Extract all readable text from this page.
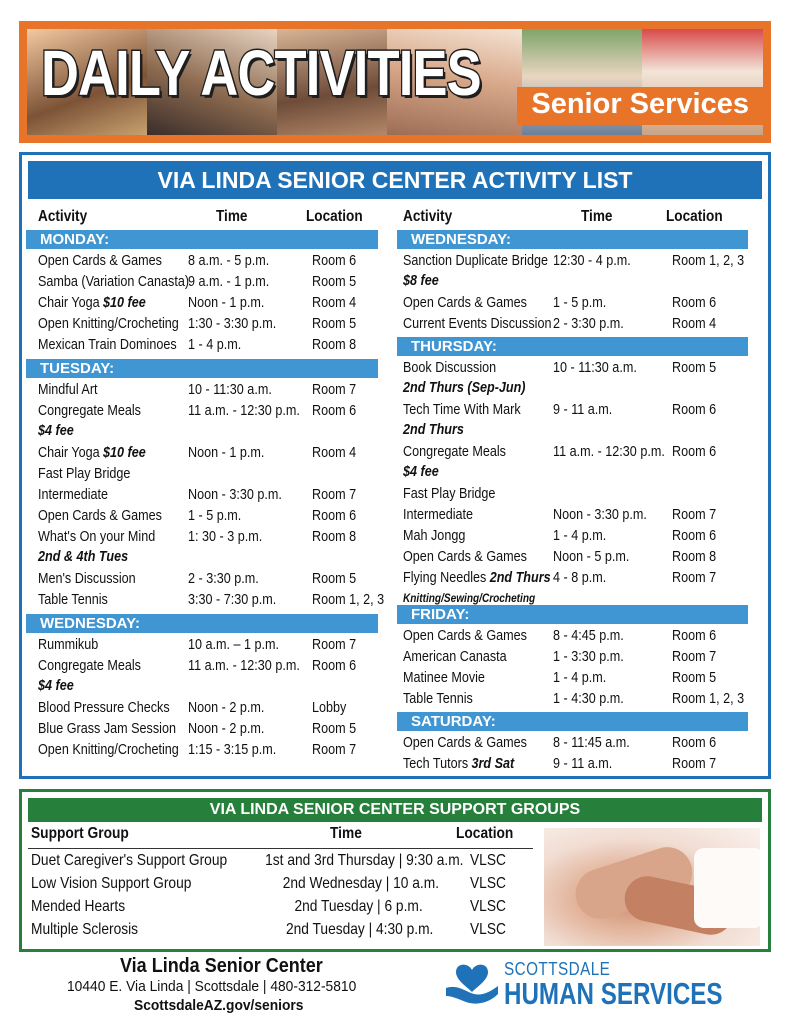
DAILY ACTIVITIES	Senior Services
VIA LINDA SENIOR CENTER ACTIVITY LIST
Activity	Time	Location	Activity	Time	Location
MONDAY:
Open Cards & Games 8 a.m. - 5 p.m.	Room 6
Samba (Variation Canasta)
9 a.m. - 1 p.m.	Room 5
Chair Yoga $10 fee	Noon - 1 p.m.	Room 4
Open Knitting/Crocheting 1:30 - 3:30 p.m. Room 5
Mexican Train Dominoes 1 - 4 p.m.	Room 8
TUESDAY:
Mindful Art	10 - 11:30 a.m.	Room 7
Congregate Meals	11 a.m. - 12:30 p.m. Room 6
$4 fee
Chair Yoga $10 fee	Noon - 1 p.m.	Room 4
Fast Play Bridge
Intermediate	Noon - 3:30 p.m. Room 7
Open Cards & Games 1 - 5 p.m.	Room 6
What's On your Mind 1: 30 - 3 p.m.	Room 8
2nd & 4th Tues
Men's Discussion	2 - 3:30 p.m.	Room 5
Table Tennis	3:30 - 7:30 p.m. Room 1, 2, 3
WEDNESDAY:
Rummikub	10 a.m. – 1 p.m. Room 7
Congregate Meals	11 a.m. - 12:30 p.m. Room 6
$4 fee
Blood Pressure Checks Noon - 2 p.m.	Lobby
Blue Grass Jam Session Noon - 2 p.m.	Room 5
Open Knitting/Crocheting 1:15 - 3:15 p.m. Room 7
WEDNESDAY:
Sanction Duplicate Bridge 12:30 - 4 p.m.	Room 1, 2, 3
$8 fee
Open Cards & Games 1 - 5 p.m.	Room 6
Current Events Discussion 2 - 3:30 p.m.	Room 4
THURSDAY:
Book Discussion	10 - 11:30 a.m. Room 5
2nd Thurs (Sep-Jun)
Tech Time With Mark 9 - 11 a.m.	Room 6
2nd Thurs
Congregate Meals	11 a.m. - 12:30 p.m. Room 6
$4 fee
Fast Play Bridge
Intermediate	Noon - 3:30 p.m. Room 7
Mah Jongg	1 - 4 p.m.	Room 6
Open Cards & Games Noon - 5 p.m.	Room 8
Flying Needles 2nd Thurs 4 - 8 p.m.	Room 7
Knitting/Sewing/Crocheting
FRIDAY:
Open Cards & Games 8 - 4:45 p.m.	Room 6
American Canasta	1 - 3:30 p.m.	Room 7
Matinee Movie	1 - 4 p.m.	Room 5
Table Tennis	1 - 4:30 p.m.	Room 1, 2, 3
SATURDAY:
Open Cards & Games 8 - 11:45 a.m.	Room 6
Tech Tutors 3rd Sat	9 - 11 a.m.	Room 7
VIA LINDA SENIOR CENTER SUPPORT GROUPS
Support Group	Time	Location
Duet Caregiver's Support Group 1st and 3rd Thursday | 9:30 a.m. VLSC
Low Vision Support Group	2nd Wednesday | 10 a.m. VLSC
Mended Hearts	2nd Tuesday | 6 p.m.	VLSC
Multiple Sclerosis	2nd Tuesday | 4:30 p.m. VLSC
Via Linda Senior Center
10440 E. Via Linda | Scottsdale | 480-312-5810
ScottsdaleAZ.gov/seniors
SCOTTSDALE
HUMAN SERVICES
